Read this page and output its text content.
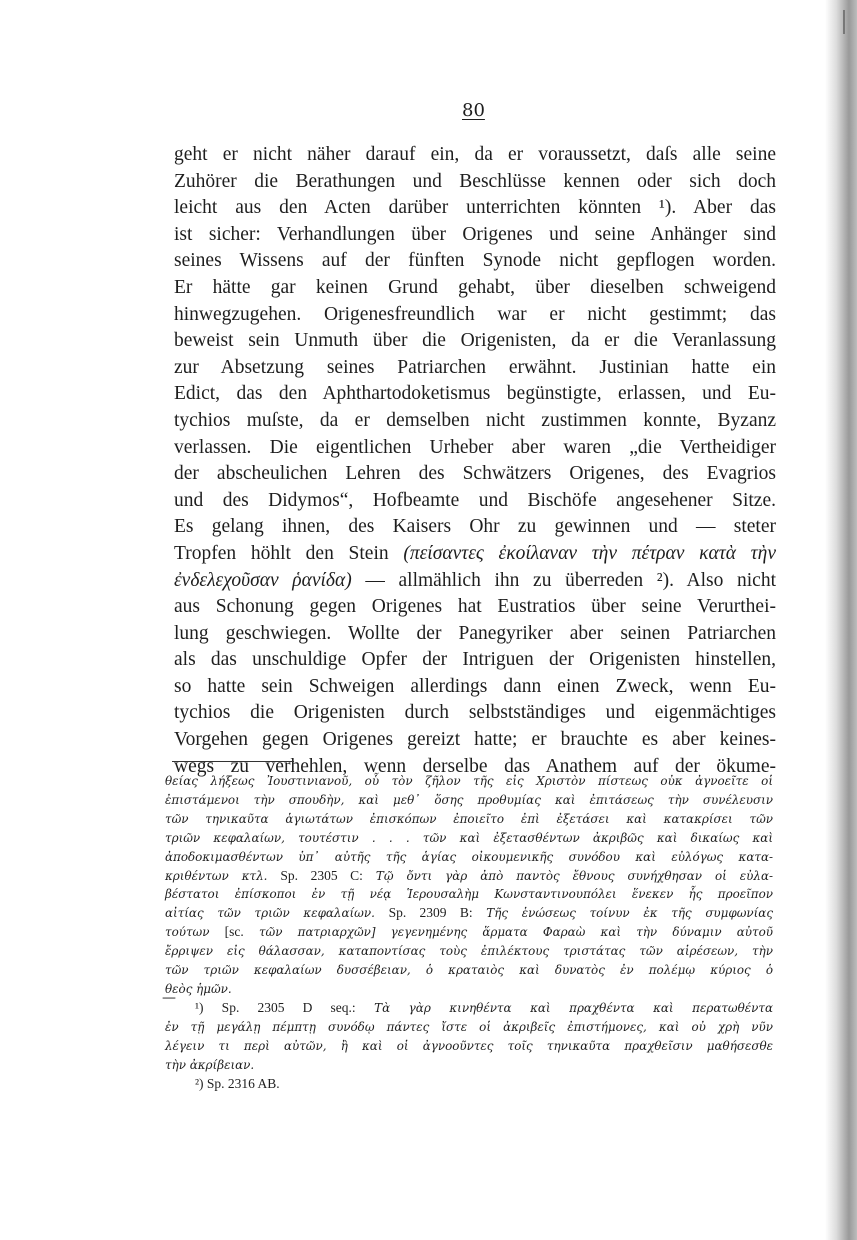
80
geht er nicht näher darauf ein, da er voraussetzt, daſs alle seine
Zuhörer die Berathungen und Beschlüsse kennen oder sich doch
leicht aus den Acten darüber unterrichten könnten ¹). Aber das
ist sicher: Verhandlungen über Origenes und seine Anhänger sind
seines Wissens auf der fünften Synode nicht gepflogen worden.
Er hätte gar keinen Grund gehabt, über dieselben schweigend
hinwegzugehen. Origenesfreundlich war er nicht gestimmt; das
beweist sein Unmuth über die Origenisten, da er die Veranlassung
zur Absetzung seines Patriarchen erwähnt. Justinian hatte ein
Edict, das den Aphthartodoketismus begünstigte, erlassen, und Eu-
tychios muſste, da er demselben nicht zustimmen konnte, Byzanz
verlassen. Die eigentlichen Urheber aber waren „die Vertheidiger
der abscheulichen Lehren des Schwätzers Origenes, des Evagrios
und des Didymos“, Hofbeamte und Bischöfe angesehener Sitze.
Es gelang ihnen, des Kaisers Ohr zu gewinnen und — steter
Tropfen höhlt den Stein (πείσαντες ἐκοίλαναν τὴν πέτραν κατὰ τὴν
ἐνδελεχοῦσαν ῥανίδα) — allmählich ihn zu überreden ²). Also nicht
aus Schonung gegen Origenes hat Eustratios über seine Verurthei-
lung geschwiegen. Wollte der Panegyriker aber seinen Patriarchen
als das unschuldige Opfer der Intriguen der Origenisten hinstellen,
so hatte sein Schweigen allerdings dann einen Zweck, wenn Eu-
tychios die Origenisten durch selbstständiges und eigenmächtiges
Vorgehen gegen Origenes gereizt hatte; er brauchte es aber keines-
wegs zu verhehlen, wenn derselbe das Anathem auf der ökume-
θείας λήξεως Ἰουστινιανοῦ, οὗ τὸν ζῆλον τῆς εἰς Χριστὸν πίστεως οὐκ ἀγνοεῖτε οἱ
ἐπιστάμενοι τὴν σπουδὴν, καὶ μεθ᾽ ὅσης προθυμίας καὶ ἐπιτάσεως τὴν συνέλευσιν
τῶν τηνικαῦτα ἁγιωτάτων ἐπισκόπων ἐποιεῖτο ἐπὶ ἐξετάσει καὶ κατακρίσει τῶν
τριῶν κεφαλαίων, τουτέστιν . . . τῶν καὶ ἐξετασθέντων ἀκριβῶς καὶ δικαίως καὶ
ἀποδοκιμασθέντων ὑπ᾽ αὐτῆς τῆς ἁγίας οἰκουμενικῆς συνόδου καὶ εὐλόγως κατα-
κριθέντων κτλ. Sp. 2305 C: Τῷ ὄντι γὰρ ἀπὸ παντὸς ἔθνους συνήχθησαν οἱ εὐλα-
βέστατοι ἐπίσκοποι ἐν τῇ νέᾳ Ἱερουσαλὴμ Κωνσταντινουπόλει ἕνεκεν ἧς προεῖπον
αἰτίας τῶν τριῶν κεφαλαίων. Sp. 2309 B: Τῆς ἑνώσεως τοίνυν ἐκ τῆς συμφωνίας
τούτων [sc. τῶν πατριαρχῶν] γεγενημένης ἅρματα Φαραὼ καὶ τὴν δύναμιν αὐτοῦ
ἔρριψεν εἰς θάλασσαν, καταποντίσας τοὺς ἐπιλέκτους τριστάτας τῶν αἱρέσεων, τὴν
τῶν τριῶν κεφαλαίων δυσσέβειαν, ὁ κραταιὸς καὶ δυνατὸς ἐν πολέμῳ κύριος ὁ
θεὸς ἡμῶν.
¹) Sp. 2305 D seq.: Τὰ γὰρ κινηθέντα καὶ πραχθέντα καὶ περατωθέντα
ἐν τῇ μεγάλῃ πέμπτῃ συνόδῳ πάντες ἴστε οἱ ἀκριβεῖς ἐπιστήμονες, καὶ οὐ χρὴ νῦν
λέγειν τι περὶ αὐτῶν, ἢ καὶ οἱ ἀγνοοῦντες τοῖς τηνικαῦτα πραχθεῖσιν μαθήσεσθε
τὴν ἀκρίβειαν.
²) Sp. 2316 AB.
—
